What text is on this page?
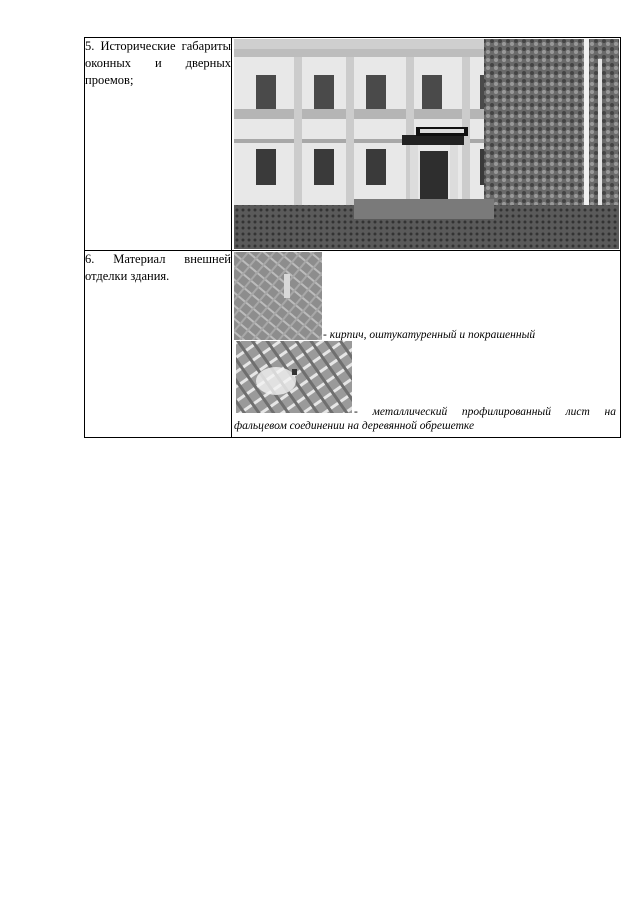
5. Исторические габариты оконных и дверных проемов;	

6. Материал внешней отделки здания.	- кирпич, оштукатуренный и покрашенный
- металлический профилированный лист на
фальцевом соединении на деревянной обрешетке
